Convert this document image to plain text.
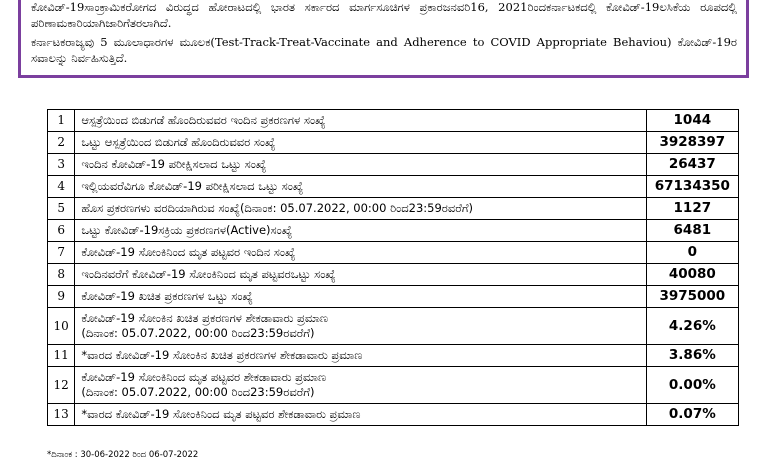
ಕೋವಿಡ್-19ಸಾಂಕ್ರಾಮಿಕರೋಗದ ವಿರುದ್ಧದ ಹೋರಾಟದಲ್ಲಿ ಭಾರತ ಸರ್ಕಾರದ ಮಾರ್ಗಸೂಚಿಗಳ ಪ್ರಕಾರಜನವರಿ16, 2021ರಿಂದಕರ್ನಾಟಕದಲ್ಲಿ ಕೋವಿಡ್-19ಲಸಿಕೆಯ ರೂಪದಲ್ಲಿ ಪರಿಣಾಮಕಾರಿಯಾಗಿಜಾರಿಗೆತರಲಾಗಿದೆ.

ಕರ್ನಾಟಕರಾಜ್ಯವು 5 ಮೂಲಾಧಾರಗಳ ಮೂಲಕ(Test-Track-Treat-Vaccinate and Adherence to COVID Appropriate Behaviou) ಕೋವಿಡ್-19ರ ಸವಾಲನ್ನು ನಿರ್ವಹಿಸುತ್ತಿದೆ.

1	ಆಸ್ಪತ್ರೆಯಿಂದ ಬಿಡುಗಡೆ ಹೊಂದಿರುವವರ ಇಂದಿನ ಪ್ರಕರಣಗಳ ಸಂಖ್ಯೆ	1044
2	ಒಟ್ಟು ಆಸ್ಪತ್ರೆಯಿಂದ ಬಿಡುಗಡೆ ಹೊಂದಿರುವವರ ಸಂಖ್ಯೆ	3928397
3	ಇಂದಿನ ಕೋವಿಡ್-19 ಪರೀಕ್ಷಿಸಲಾದ ಒಟ್ಟು ಸಂಖ್ಯೆ	26437
4	ಇಲ್ಲಿಯವರೆವಿಗೂ ಕೋವಿಡ್-19 ಪರೀಕ್ಷಿಸಲಾದ ಒಟ್ಟು ಸಂಖ್ಯೆ	67134350
5	ಹೊಸ ಪ್ರಕರಣಗಳು ವರದಿಯಾಗಿರುವ ಸಂಖ್ಯೆ(ದಿನಾಂಕ: 05.07.2022, 00:00 ರಿಂದ23:59ರವರೆಗೆ)	1127
6	ಒಟ್ಟು ಕೋವಿಡ್-19ಸಕ್ರಿಯ ಪ್ರಕರಣಗಳ(Active)ಸಂಖ್ಯೆ	6481
7	ಕೋವಿಡ್-19 ಸೋಂಕಿನಿಂದ ಮೃತ ಪಟ್ಟವರ ಇಂದಿನ ಸಂಖ್ಯೆ	0
8	ಇಂದಿನವರೆಗೆ ಕೋವಿಡ್-19 ಸೋಂಕಿನಿಂದ ಮೃತ ಪಟ್ಟವರಒಟ್ಟು ಸಂಖ್ಯೆ	40080
9	ಕೋವಿಡ್-19 ಖಚಿತ ಪ್ರಕರಣಗಳ ಒಟ್ಟು ಸಂಖ್ಯೆ	3975000
10	ಕೋವಿಡ್-19 ಸೋಂಕಿನ ಖಚಿತ ಪ್ರಕರಣಗಳ ಶೇಕಡಾವಾರು ಪ್ರಮಾಣ
(ದಿನಾಂಕ: 05.07.2022, 00:00 ರಿಂದ23:59ರವರೆಗೆ)	4.26%
11	*ವಾರದ ಕೋವಿಡ್-19 ಸೋಂಕಿನ ಖಚಿತ ಪ್ರಕರಣಗಳ ಶೇಕಡಾವಾರು ಪ್ರಮಾಣ	3.86%
12	ಕೋವಿಡ್-19 ಸೋಂಕಿನಿಂದ ಮೃತ ಪಟ್ಟವರ ಶೇಕಡಾವಾರು ಪ್ರಮಾಣ
(ದಿನಾಂಕ: 05.07.2022, 00:00 ರಿಂದ23:59ರವರೆಗೆ)	0.00%
13	*ವಾರದ ಕೋವಿಡ್-19 ಸೋಂಕಿನಿಂದ ಮೃತ ಪಟ್ಟವರ ಶೇಕಡಾವಾರು ಪ್ರಮಾಣ	0.07%
*ದಿನಾಂಕ : 30-06-2022 ರಿಂದ 06-07-2022
